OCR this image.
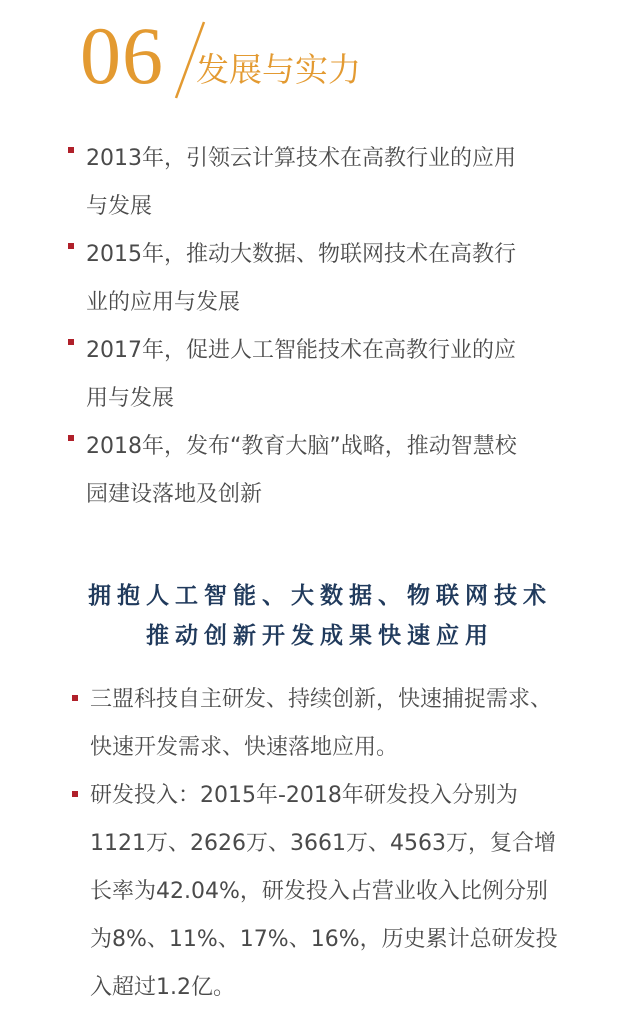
06 发展与实力
2013年，引领云计算技术在高教行业的应用与发展
2015年，推动大数据、物联网技术在高教行业的应用与发展
2017年，促进人工智能技术在高教行业的应用与发展
2018年，发布“教育大脑”战略，推动智慧校园建设落地及创新
拥抱人工智能、大数据、物联网技术
推动创新开发成果快速应用
三盟科技自主研发、持续创新，快速捕捉需求、快速开发需求、快速落地应用。
研发投入：2015年-2018年研发投入分别为1121万、2626万、3661万、4563万，复合增长率为42.04%，研发投入占营业收入比例分别为8%、11%、17%、16%，历史累计总研发投入超过1.2亿。
